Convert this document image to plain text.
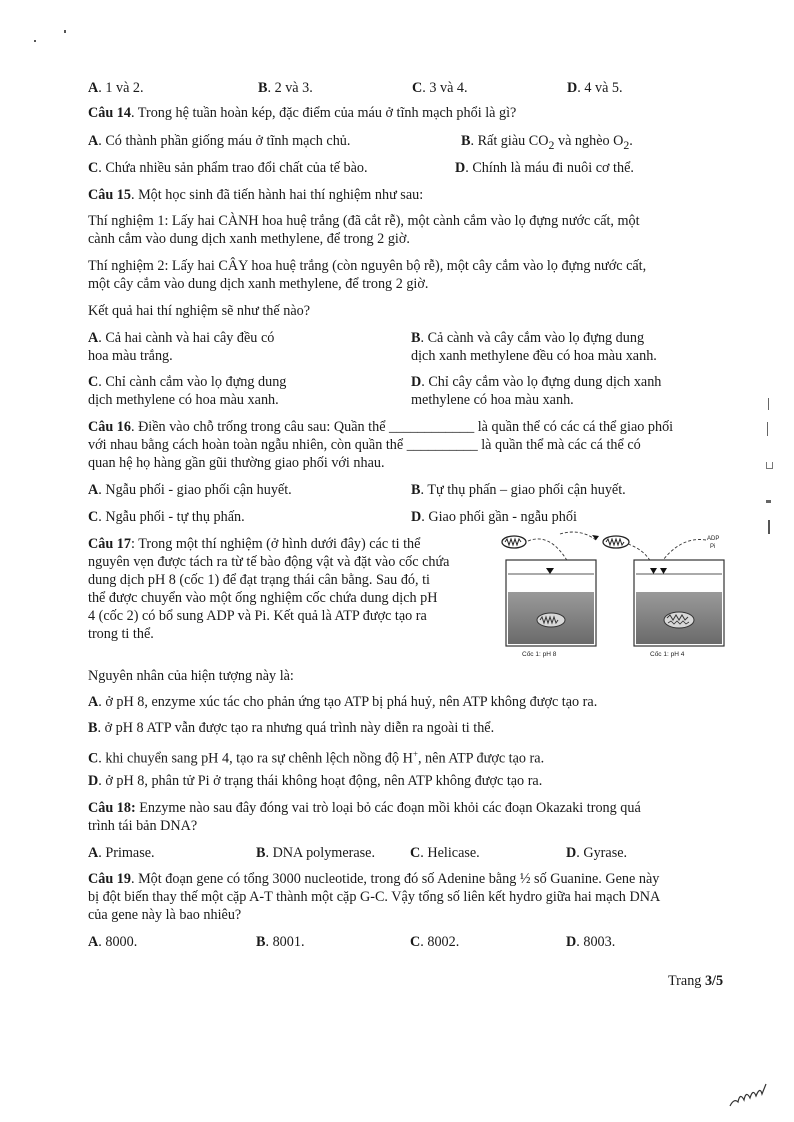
A. 1 và 2.	B. 2 và 3.	C. 3 và 4.	D. 4 và 5.
Câu 14. Trong hệ tuần hoàn kép, đặc điểm của máu ở tĩnh mạch phổi là gì?
A. Có thành phần giống máu ở tĩnh mạch chủ.	B. Rất giàu $CO_2$ và nghèo $O_2$.
C. Chứa nhiều sản phẩm trao đổi chất của tế bào.	D. Chính là máu đi nuôi cơ thể.
Câu 15. Một học sinh đã tiến hành hai thí nghiệm như sau:
Thí nghiệm 1: Lấy hai CÀNH hoa huệ trắng (đã cắt rễ), một cành cắm vào lọ đựng nước cất, một
cành cắm vào dung dịch xanh methylene, để trong 2 giờ.
Thí nghiệm 2: Lấy hai CÂY hoa huệ trắng (còn nguyên bộ rễ), một cây cắm vào lọ đựng nước cất,
một cây cắm vào dung dịch xanh methylene, để trong 2 giờ.
Kết quả hai thí nghiệm sẽ như thế nào?
A. Cả hai cành và hai cây đều có
hoa màu trắng.
B. Cả cành và cây cắm vào lọ đựng dung
dịch xanh methylene đều có hoa màu xanh.
C. Chỉ cành cắm vào lọ đựng dung
dịch methylene có hoa màu xanh.
D. Chỉ cây cắm vào lọ đựng dung dịch xanh
methylene có hoa màu xanh.
Câu 16. Điền vào chỗ trống trong câu sau: Quần thể ____________ là quần thể có các cá thể giao phối
với nhau bằng cách hoàn toàn ngẫu nhiên, còn quần thể __________ là quần thể mà các cá thể có
quan hệ họ hàng gần gũi thường giao phối với nhau.
A. Ngẫu phối - giao phối cận huyết.	B. Tự thụ phấn – giao phối cận huyết.
C. Ngẫu phối - tự thụ phấn.	D. Giao phối gần - ngẫu phối
Câu 17: Trong một thí nghiệm (ở hình dưới đây) các ti thể
nguyên vẹn được tách ra từ tế bào động vật và đặt vào cốc chứa
dung dịch pH 8 (cốc 1) để đạt trạng thái cân bằng. Sau đó, ti
thể được chuyển vào một ống nghiệm cốc chứa dung dịch pH
4 (cốc 2) có bổ sung ADP và Pi. Kết quả là ATP được tạo ra
trong ti thể.
ADP
Pi
Cốc 1: pH 8	Cốc 1: pH 4
Nguyên nhân của hiện tượng này là:
A. ở pH 8, enzyme xúc tác cho phản ứng tạo ATP bị phá huỷ, nên ATP không được tạo ra.
B. ở pH 8 ATP vẫn được tạo ra nhưng quá trình này diễn ra ngoài ti thể.
C. khi chuyển sang pH 4, tạo ra sự chênh lệch nồng độ H+, nên ATP được tạo ra.
D. ở pH 8, phân tử Pi ở trạng thái không hoạt động, nên ATP không được tạo ra.
Câu 18: Enzyme nào sau đây đóng vai trò loại bỏ các đoạn mồi khỏi các đoạn Okazaki trong quá
trình tái bản DNA?
A. Primase.	B. DNA polymerase. C. Helicase.	D. Gyrase.
Câu 19. Một đoạn gene có tổng 3000 nucleotide, trong đó số Adenine bằng ½ số Guanine. Gene này
bị đột biến thay thế một cặp A-T thành một cặp G-C. Vậy tổng số liên kết hydro giữa hai mạch DNA
của gene này là bao nhiêu?
A. 8000.	B. 8001.	C. 8002.	D. 8003.
Trang 3/5
